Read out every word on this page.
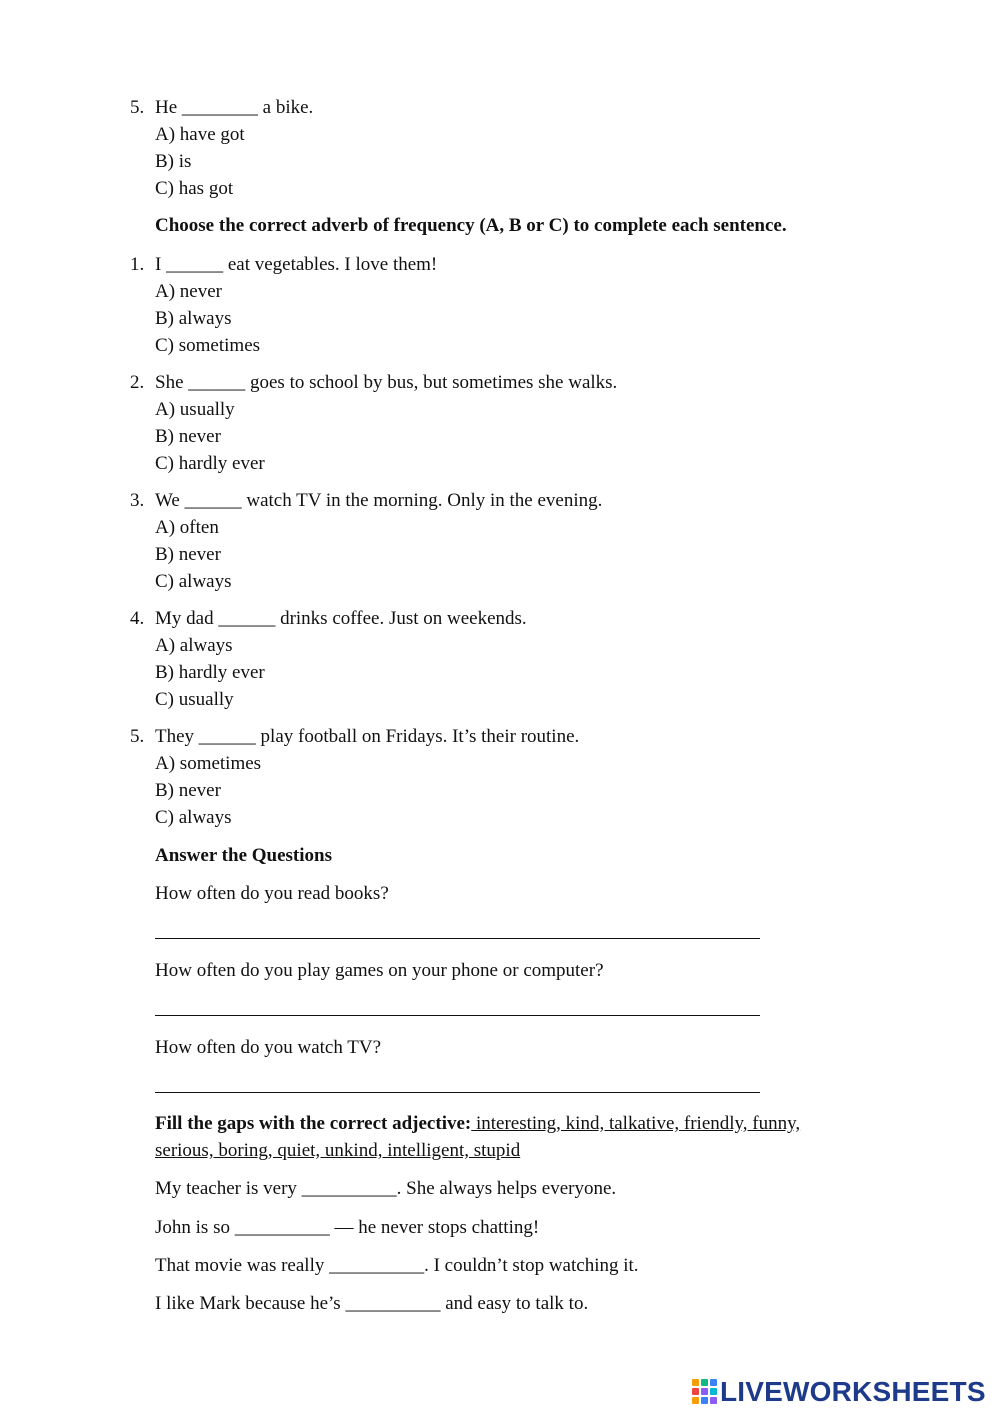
5. He ________ a bike.
A) have got
B) is
C) has got
Choose the correct adverb of frequency (A, B or C) to complete each sentence.
1. I ______ eat vegetables. I love them!
A) never
B) always
C) sometimes
2. She ______ goes to school by bus, but sometimes she walks.
A) usually
B) never
C) hardly ever
3. We ______ watch TV in the morning. Only in the evening.
A) often
B) never
C) always
4. My dad ______ drinks coffee. Just on weekends.
A) always
B) hardly ever
C) usually
5. They ______ play football on Fridays. It’s their routine.
A) sometimes
B) never
C) always
Answer the Questions
How often do you read books?
How often do you play games on your phone or computer?
How often do you watch TV?
Fill the gaps with the correct adjective: interesting, kind, talkative, friendly, funny,
serious, boring, quiet, unkind, intelligent, stupid
My teacher is very __________. She always helps everyone.
John is so __________ — he never stops chatting!
That movie was really __________. I couldn’t stop watching it.
I like Mark because he’s __________ and easy to talk to.
LIVEWORKSHEETS
